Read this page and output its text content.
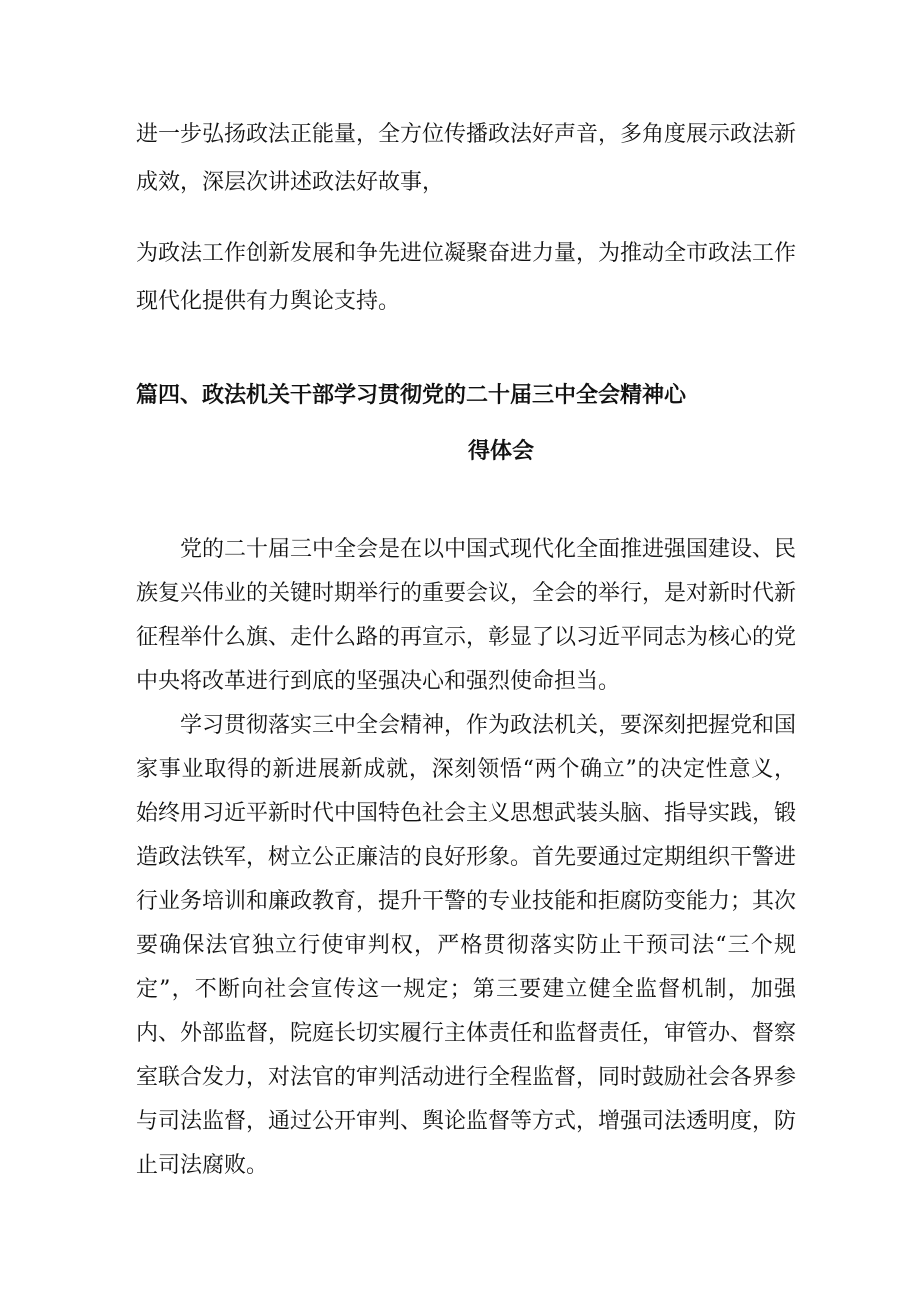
进一步弘扬政法正能量，全方位传播政法好声音，多角度展示政法新成效，深层次讲述政法好故事，

为政法工作创新发展和争先进位凝聚奋进力量，为推动全市政法工作现代化提供有力舆论支持。

篇四、政法机关干部学习贯彻党的二十届三中全会精神心
得体会

党的二十届三中全会是在以中国式现代化全面推进强国建设、民族复兴伟业的关键时期举行的重要会议，全会的举行，是对新时代新征程举什么旗、走什么路的再宣示，彰显了以习近平同志为核心的党中央将改革进行到底的坚强决心和强烈使命担当。

学习贯彻落实三中全会精神，作为政法机关，要深刻把握党和国家事业取得的新进展新成就，深刻领悟“两个确立”的决定性意义，始终用习近平新时代中国特色社会主义思想武装头脑、指导实践，锻造政法铁军，树立公正廉洁的良好形象。首先要通过定期组织干警进行业务培训和廉政教育，提升干警的专业技能和拒腐防变能力；其次要确保法官独立行使审判权，严格贯彻落实防止干预司法“三个规定”，不断向社会宣传这一规定；第三要建立健全监督机制，加强内、外部监督，院庭长切实履行主体责任和监督责任，审管办、督察室联合发力，对法官的审判活动进行全程监督，同时鼓励社会各界参与司法监督，通过公开审判、舆论监督等方式，增强司法透明度，防止司法腐败。
